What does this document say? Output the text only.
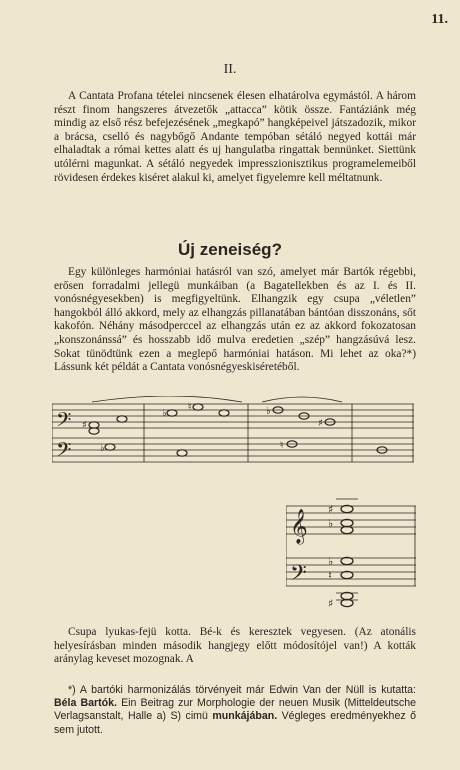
11.
II.

A Cantata Profana tételei nincsenek élesen elhatárolva egymástól. A három részt finom hangszeres átvezetők „attacca” kötik össze. Fantáziánk még mindig az első rész befejezésének „megkapó” hangképeivel játszadozik, mikor a brácsa, cselló és nagybőgő Andante tempóban sétáló negyed kottái már elhaladtak a római kettes alatt és uj hangulatba ringattak bennünket. Siettünk utólérni magunkat. A sétáló negyedek impresszionisztikus programelemeiből rövidesen érdekes kiséret alakul ki, amelyet figyelemre kell méltatnunk.

Új zeneiség?

Egy különleges harmóniai hatásról van szó, amelyet már Bartók régebbi, erősen forradalmi jellegü munkáiban (a Bagatellekben és az I. és II. vonósnégyesekben) is megfigyeltünk. Elhangzik egy csupa „véletlen” hangokból álló akkord, mely az elhangzás pillanatában bántóan disszonáns, sőt kakofón. Néhány másodperccel az elhangzás után ez az akkord fokozatosan „konszonánssá” és hosszabb idő mulva eredetien „szép” hangzásúvá lesz. Sokat tünödtünk ezen a meglepő harmóniai hatáson. Mi lehet az oka?*) Lássunk két példát a Cantata vonósnégyeskiséretéből.

𝄢
𝄢
♯
♭
♮	♭
♯
♭	♮
𝄞
𝄢
♯
♭
♭
♮
♯

Csupa lyukas-fejü kotta. Bé-k és keresztek vegyesen. (Az atonális helyesírásban minden második hangjegy előtt módosítójel van!) A kották aránylag keveset mozognak. A

*) A bartóki harmonizálás törvényeit már Edwin Van der Nüll is kutatta: Béla Bartók. Ein Beitrag zur Morphologie der neuen Musik (Mitteldeutsche Verlagsanstalt, Halle a) S) cimü munkájában. Végleges eredményekhez ő sem jutott.
